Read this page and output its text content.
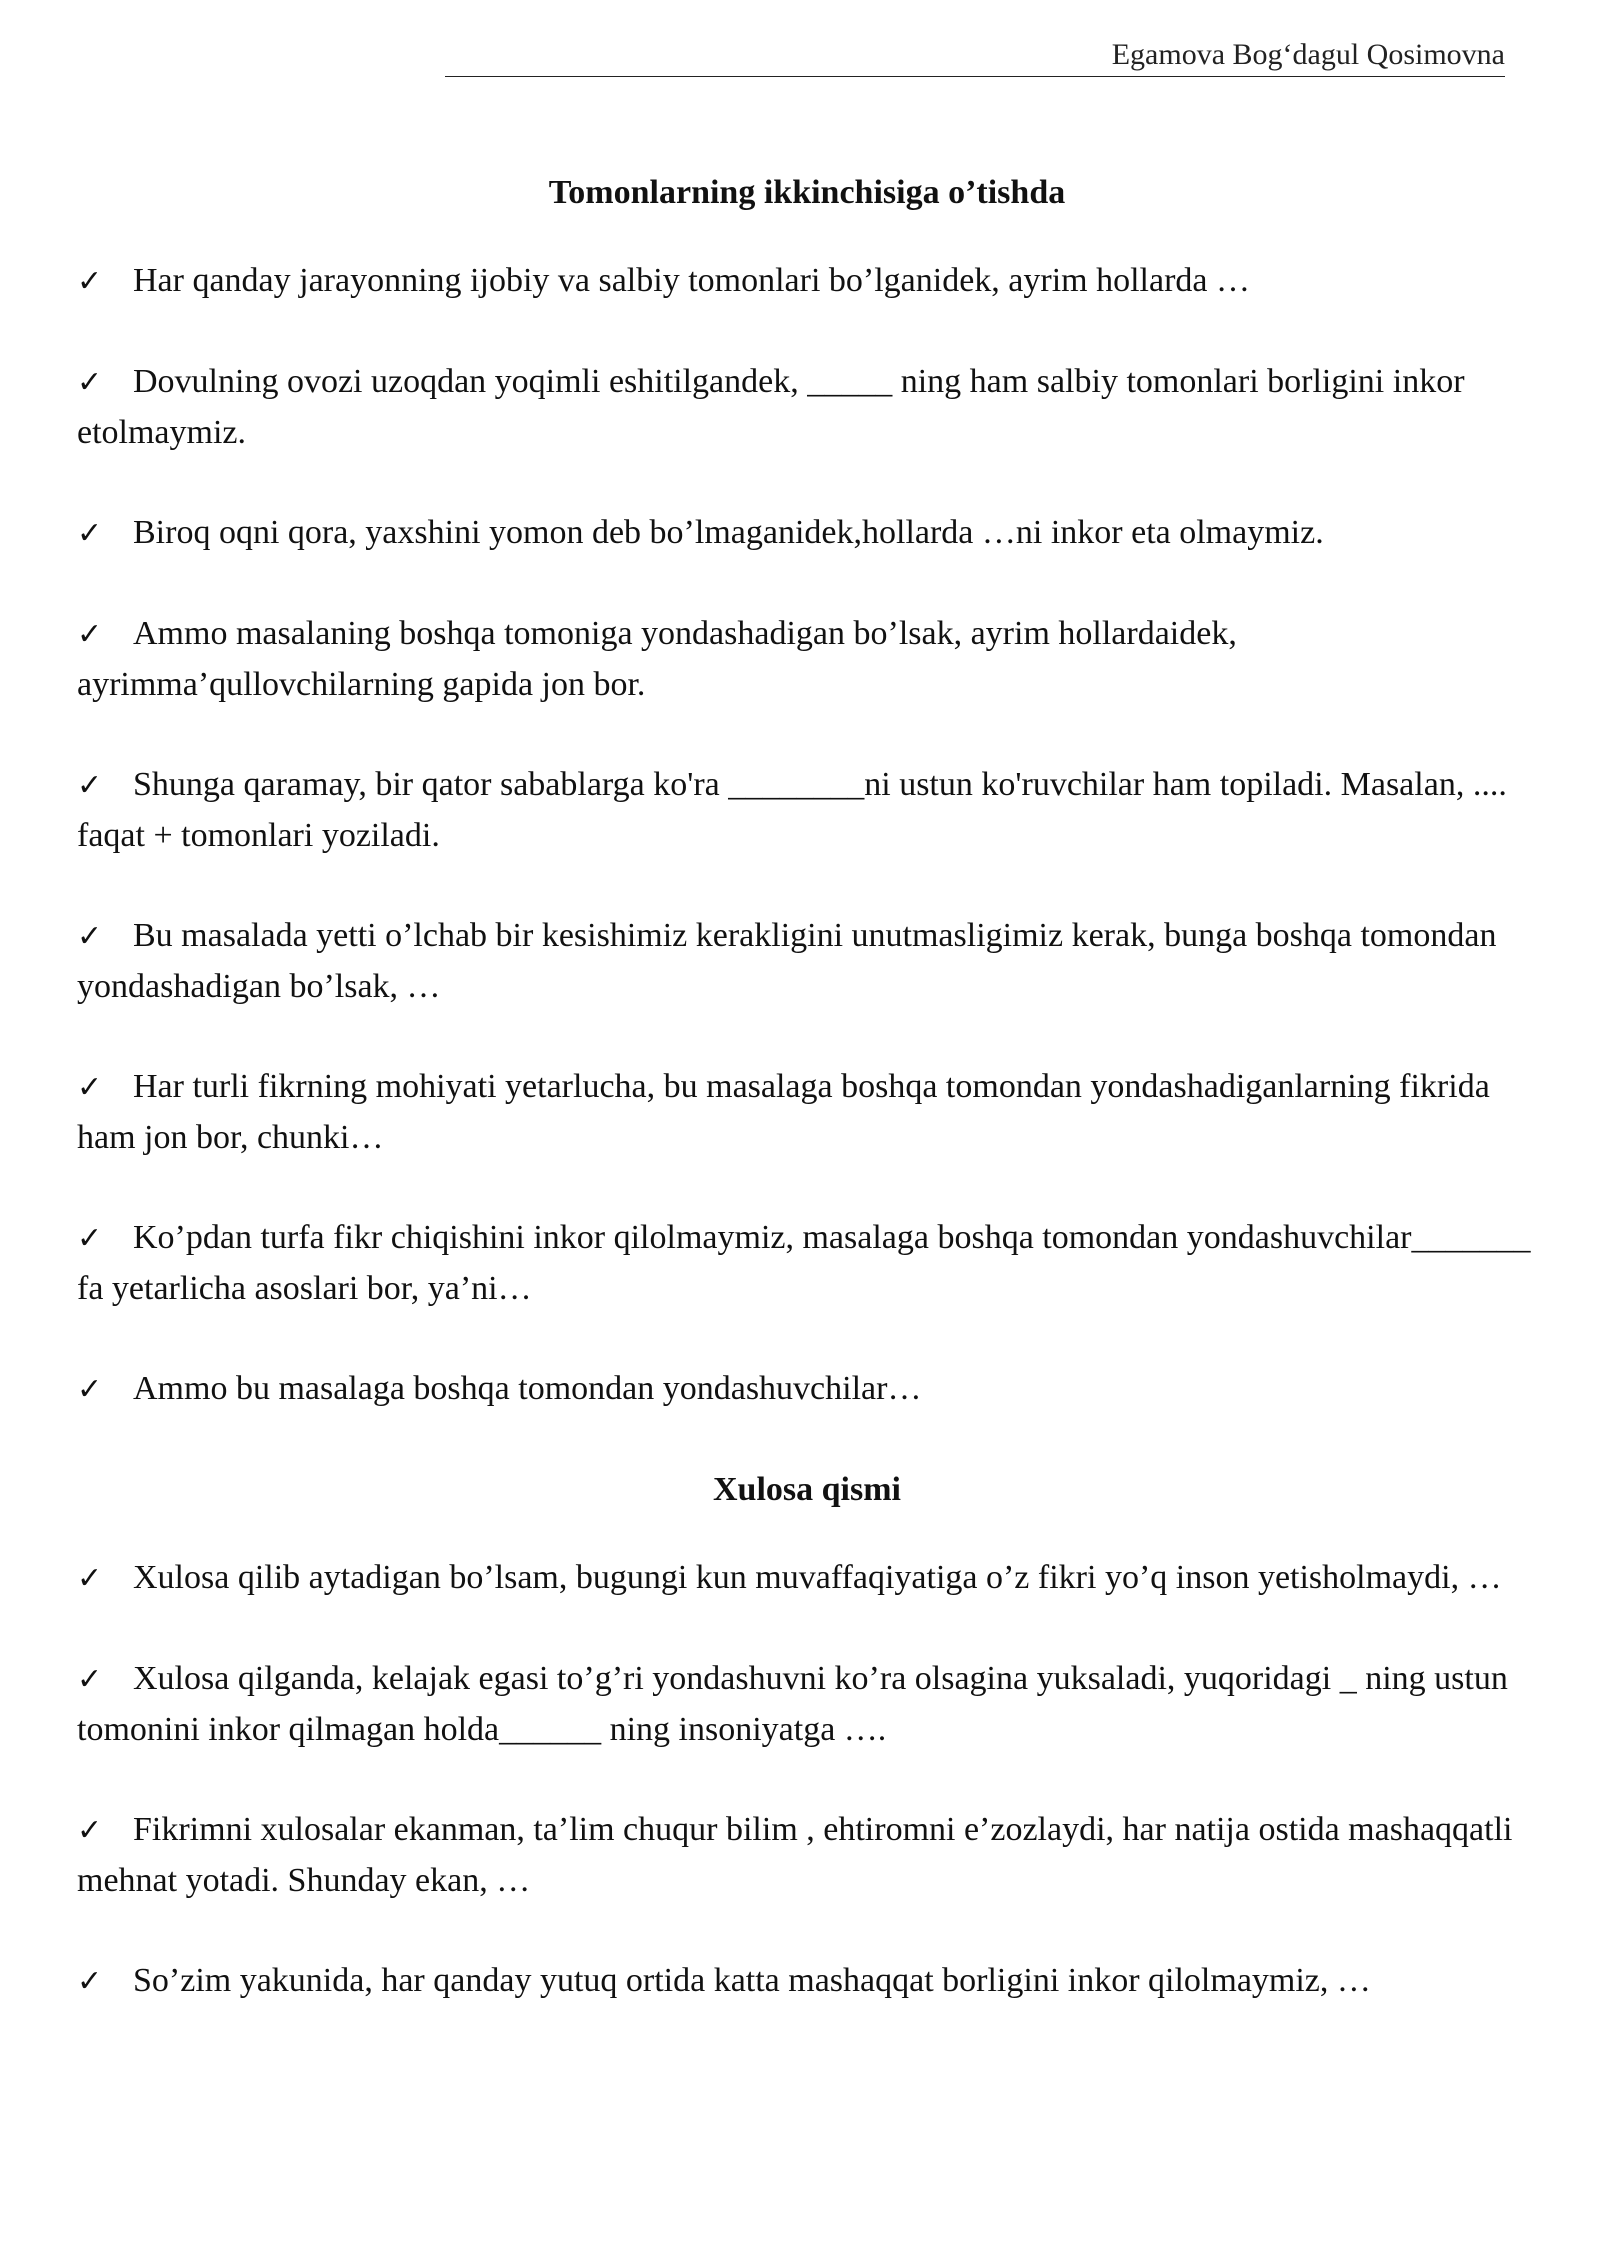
Egamova Bog‘dagul Qosimovna
Tomonlarning ikkinchisiga o’tishda
✓ Har qanday jarayonning ijobiy va salbiy tomonlari bo’lganidek, ayrim hollarda …
✓ Dovulning ovozi uzoqdan yoqimli eshitilgandek, _____ ning ham salbiy tomonlari borligini inkor etolmaymiz.
✓ Biroq oqni qora, yaxshini yomon deb bo’lmaganidek,hollarda …ni inkor eta olmaymiz.
✓ Ammo masalaning boshqa tomoniga yondashadigan bo’lsak, ayrim hollardaidek, ayrimma’qullovchilarning gapida jon bor.
✓ Shunga qaramay, bir qator sabablarga ko'ra ________ni ustun ko'ruvchilar ham topiladi. Masalan, .... faqat + tomonlari yoziladi.
✓ Bu masalada yetti o’lchab bir kesishimiz kerakligini unutmasligimiz kerak, bunga boshqa tomondan yondashadigan bo’lsak, …
✓ Har turli fikrning mohiyati yetarlucha, bu masalaga boshqa tomondan yondashadiganlarning fikrida ham jon bor, chunki…
✓ Ko’pdan turfa fikr chiqishini inkor qilolmaymiz, masalaga boshqa tomondan yondashuvchilar_______ fa yetarlicha asoslari bor, ya’ni…
✓ Ammo bu masalaga boshqa tomondan yondashuvchilar…
Xulosa qismi
✓ Xulosa qilib aytadigan bo’lsam, bugungi kun muvaffaqiyatiga o’z fikri yo’q inson yetisholmaydi, …
✓ Xulosa qilganda, kelajak egasi to’g’ri yondashuvni ko’ra olsagina yuksaladi, yuqoridagi _ ning ustun tomonini inkor qilmagan holda______ ning insoniyatga ….
✓ Fikrimni xulosalar ekanman, ta’lim chuqur bilim , ehtiromni e’zozlaydi, har natija ostida mashaqqatli mehnat yotadi. Shunday ekan, …
✓ So’zim yakunida, har qanday yutuq ortida katta mashaqqat borligini inkor qilolmaymiz, …
